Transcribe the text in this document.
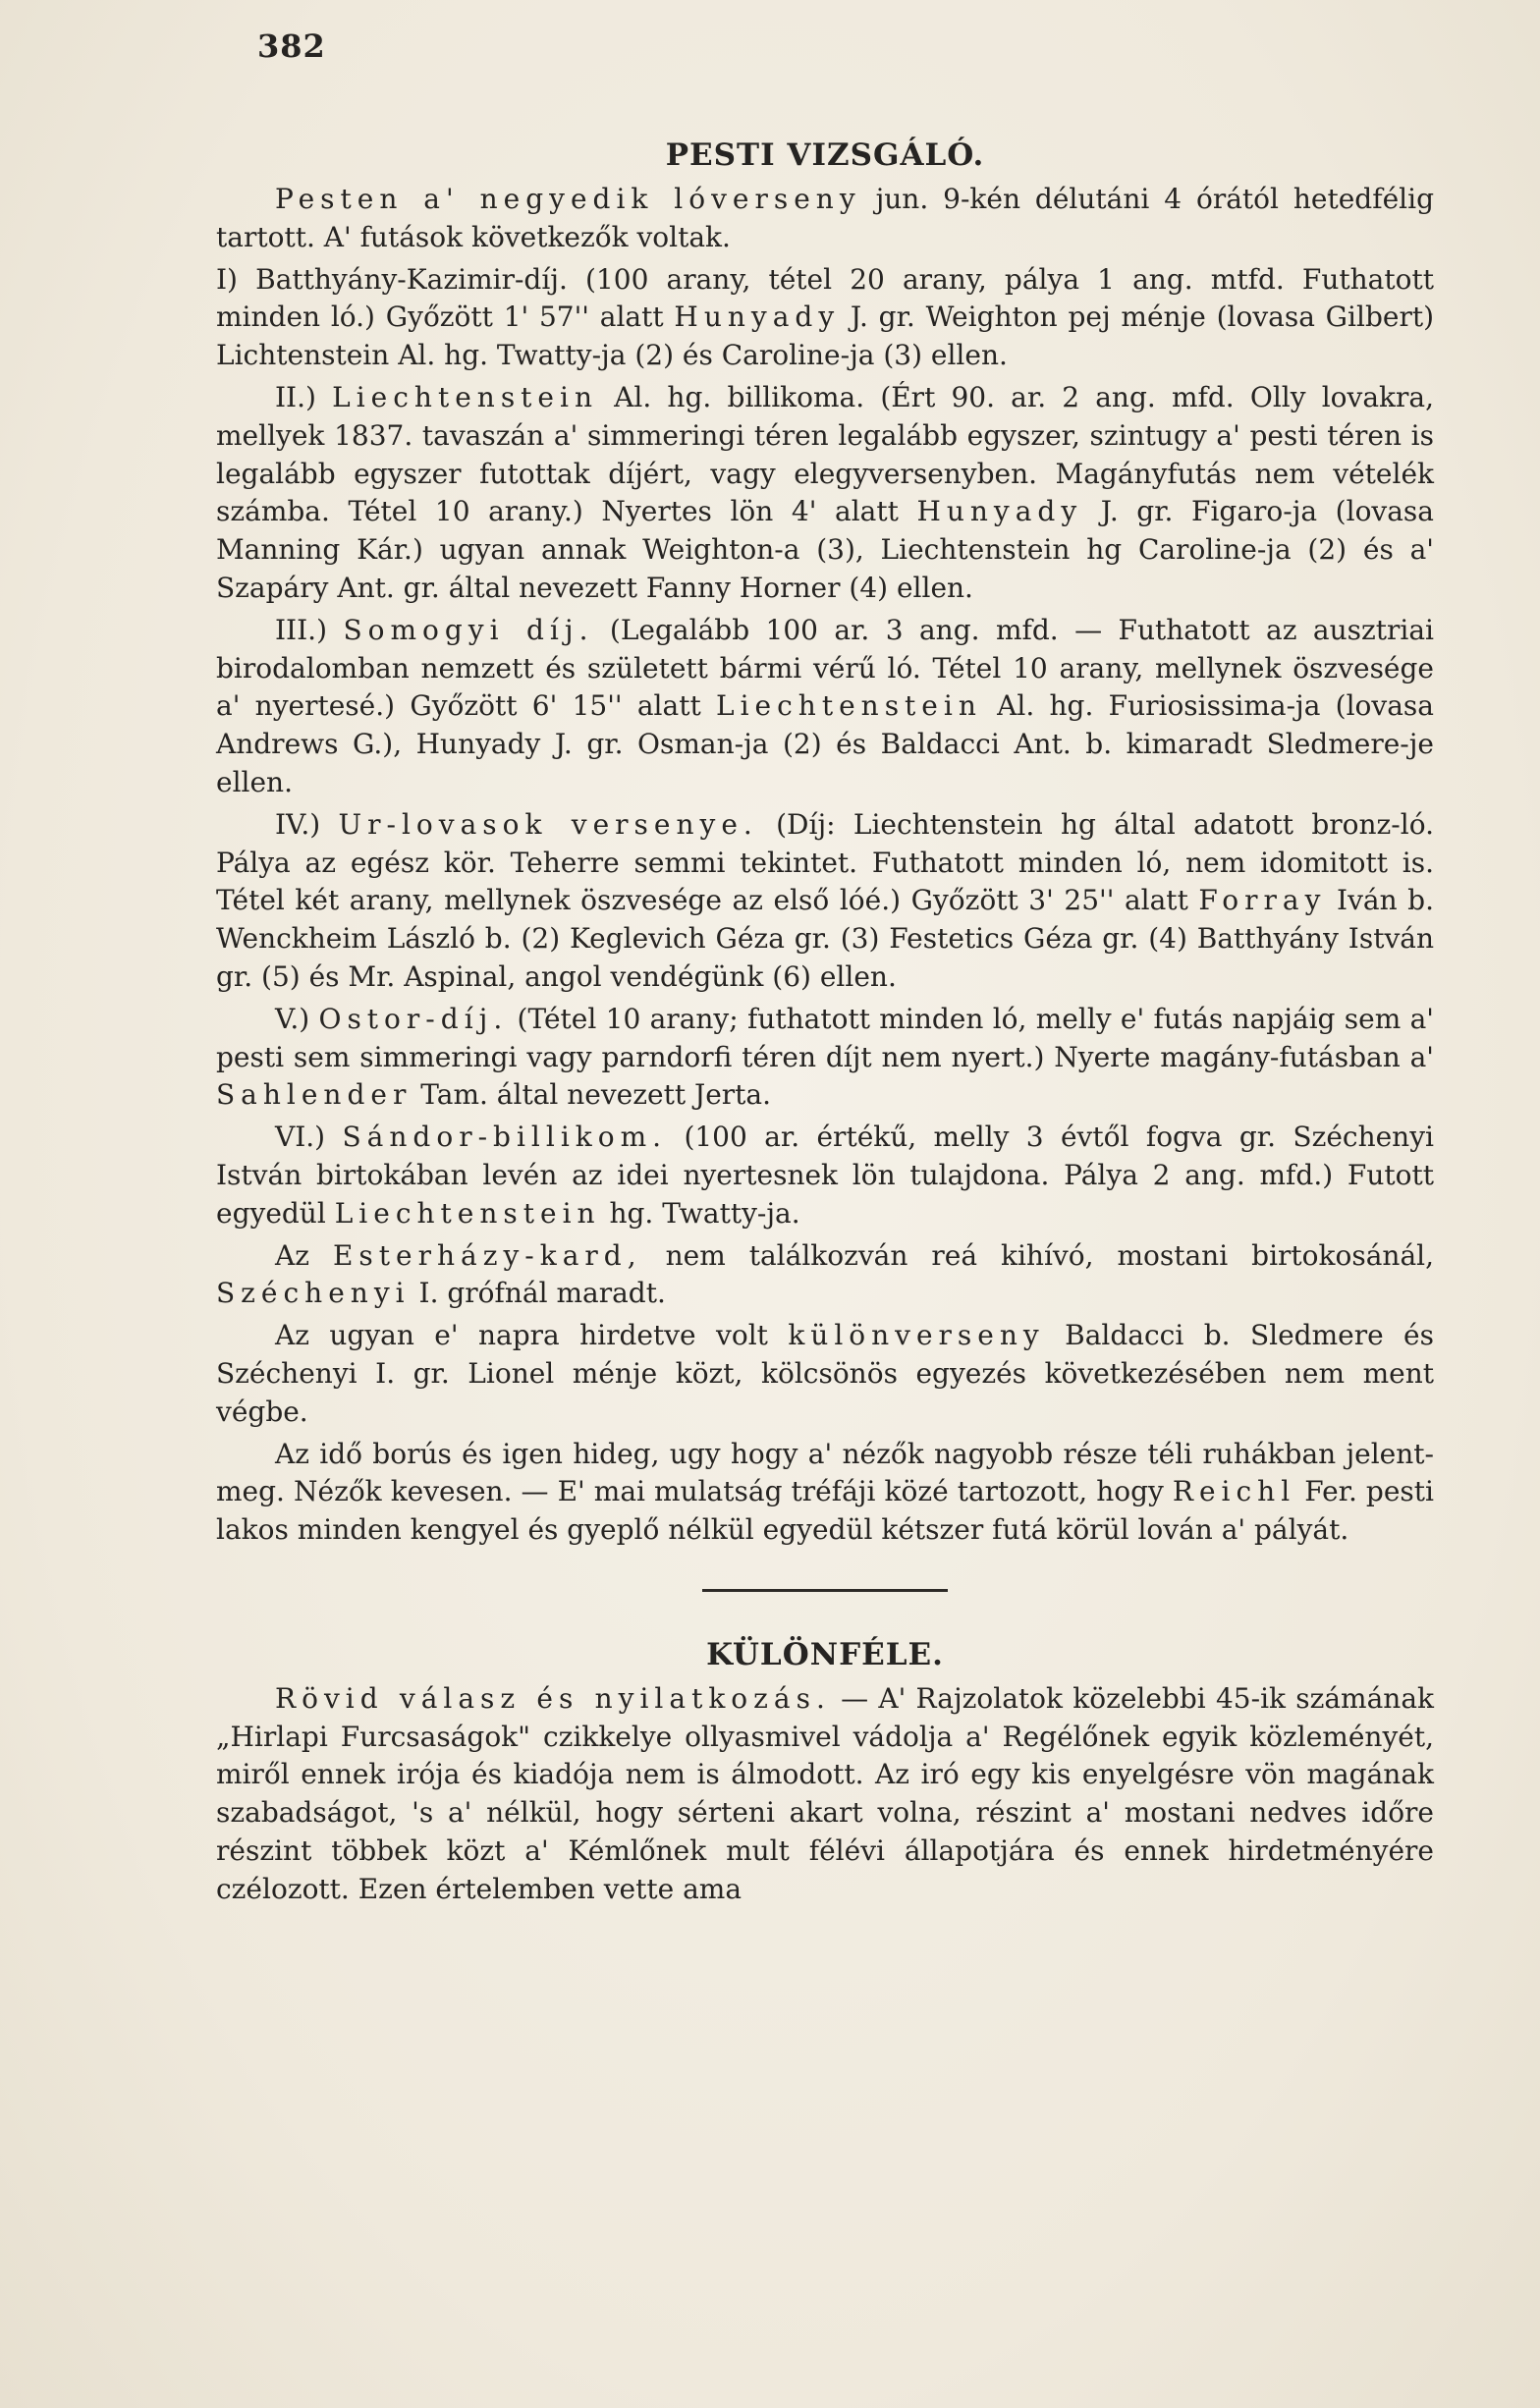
382
PESTI VIZSGÁLÓ.

Pesten a' negyedik lóverseny jun. 9-kén délutáni 4 órától hetedfélig tartott. A' futások következők voltak.

I) Batthyány-Kazimir-díj. (100 arany, tétel 20 arany, pálya 1 ang. mtfd. Futhatott minden ló.) Győzött 1' 57'' alatt Hunyady J. gr. Weighton pej ménje (lovasa Gilbert) Lichtenstein Al. hg. Twatty-ja (2) és Caroline-ja (3) ellen.

II.) Liechtenstein Al. hg. billikoma. (Ért 90. ar. 2 ang. mfd. Olly lovakra, mellyek 1837. tavaszán a' simmeringi téren legalább egyszer, szintugy a' pesti téren is legalább egyszer futottak díjért, vagy elegyversenyben. Magányfutás nem vételék számba. Tétel 10 arany.) Nyertes lön 4' alatt Hunyady J. gr. Figaro-ja (lovasa Manning Kár.) ugyan annak Weighton-a (3), Liechtenstein hg Caroline-ja (2) és a' Szapáry Ant. gr. által nevezett Fanny Horner (4) ellen.

III.) Somogyi díj. (Legalább 100 ar. 3 ang. mfd. — Futhatott az ausztriai birodalomban nemzett és született bármi vérű ló. Tétel 10 arany, mellynek öszvesége a' nyertesé.) Győzött 6' 15'' alatt Liechtenstein Al. hg. Furiosissima-ja (lovasa Andrews G.), Hunyady J. gr. Osman-ja (2) és Baldacci Ant. b. kimaradt Sledmere-je ellen.

IV.) Ur-lovasok versenye. (Díj: Liechtenstein hg által adatott bronz-ló. Pálya az egész kör. Teherre semmi tekintet. Futhatott minden ló, nem idomitott is. Tétel két arany, mellynek öszvesége az első lóé.) Győzött 3' 25'' alatt Forray Iván b. Wenckheim László b. (2) Keglevich Géza gr. (3) Festetics Géza gr. (4) Batthyány István gr. (5) és Mr. Aspinal, angol vendégünk (6) ellen.

V.) Ostor-díj. (Tétel 10 arany; futhatott minden ló, melly e' futás napjáig sem a' pesti sem simmeringi vagy parndorfi téren díjt nem nyert.) Nyerte magány-futásban a' Sahlender Tam. által nevezett Jerta.

VI.) Sándor-billikom. (100 ar. értékű, melly 3 évtől fogva gr. Széchenyi István birtokában levén az idei nyertesnek lön tulajdona. Pálya 2 ang. mfd.) Futott egyedül Liechtenstein hg. Twatty-ja.

Az Esterházy-kard, nem találkozván reá kihívó, mostani birtokosánál, Széchenyi I. grófnál maradt.

Az ugyan e' napra hirdetve volt különverseny Baldacci b. Sledmere és Széchenyi I. gr. Lionel ménje közt, kölcsönös egyezés következésében nem ment végbe.

Az idő borús és igen hideg, ugy hogy a' nézők nagyobb része téli ruhákban jelent-meg. Nézők kevesen. — E' mai mulatság tréfáji közé tartozott, hogy Reichl Fer. pesti lakos minden kengyel és gyeplő nélkül egyedül kétszer futá körül lován a' pályát.

KÜLÖNFÉLE.

Rövid válasz és nyilatkozás. — A' Rajzolatok közelebbi 45-ik számának „Hirlapi Furcsaságok" czikkelye ollyasmivel vádolja a' Regélőnek egyik közleményét, miről ennek irója és kiadója nem is álmodott. Az iró egy kis enyelgésre vön magának szabadságot, 's a' nélkül, hogy sérteni akart volna, részint a' mostani nedves időre részint többek közt a' Kémlőnek mult félévi állapotjára és ennek hirdetményére czélozott. Ezen értelemben vette ama
